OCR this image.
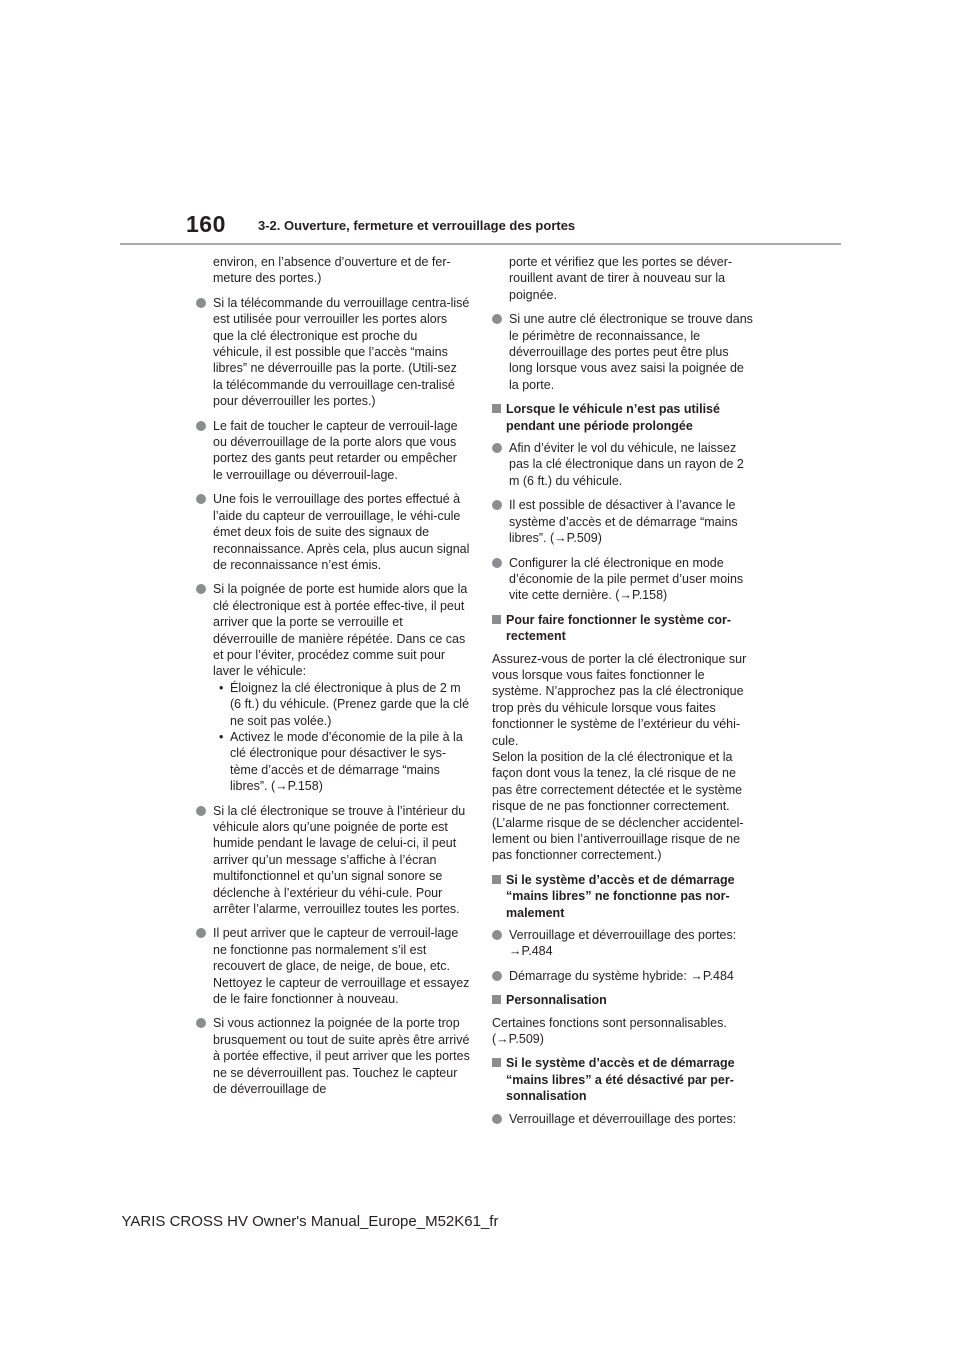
160 3-2. Ouverture, fermeture et verrouillage des portes
environ, en l’absence d’ouverture et de fer-meture des portes.)
Si la télécommande du verrouillage centra-lisé est utilisée pour verrouiller les portes alors que la clé électronique est proche du véhicule, il est possible que l’accès “mains libres” ne déverrouille pas la porte. (Utili-sez la télécommande du verrouillage cen-tralisé pour déverrouiller les portes.)
Le fait de toucher le capteur de verrouil-lage ou déverrouillage de la porte alors que vous portez des gants peut retarder ou empêcher le verrouillage ou déverrouil-lage.
Une fois le verrouillage des portes effectué à l’aide du capteur de verrouillage, le véhi-cule émet deux fois de suite des signaux de reconnaissance. Après cela, plus aucun signal de reconnaissance n’est émis.
Si la poignée de porte est humide alors que la clé électronique est à portée effec-tive, il peut arriver que la porte se verrouille et déverrouille de manière répétée. Dans ce cas et pour l’éviter, procédez comme suit pour laver le véhicule:
• Éloignez la clé électronique à plus de 2 m (6 ft.) du véhicule. (Prenez garde que la clé ne soit pas volée.)
• Activez le mode d’économie de la pile à la clé électronique pour désactiver le sys-tème d’accès et de démarrage “mains libres”. (→P.158)
Si la clé électronique se trouve à l’intérieur du véhicule alors qu’une poignée de porte est humide pendant le lavage de celui-ci, il peut arriver qu’un message s’affiche à l’écran multifonctionnel et qu’un signal sonore se déclenche à l’extérieur du véhi-cule. Pour arrêter l’alarme, verrouillez toutes les portes.
Il peut arriver que le capteur de verrouil-lage ne fonctionne pas normalement s’il est recouvert de glace, de neige, de boue, etc. Nettoyez le capteur de verrouillage et essayez de le faire fonctionner à nouveau.
Si vous actionnez la poignée de la porte trop brusquement ou tout de suite après être arrivé à portée effective, il peut arriver que les portes ne se déverrouillent pas. Touchez le capteur de déverrouillage de
porte et vérifiez que les portes se déver-rouillent avant de tirer à nouveau sur la poignée.
Si une autre clé électronique se trouve dans le périmètre de reconnaissance, le déverrouillage des portes peut être plus long lorsque vous avez saisi la poignée de la porte.
Lorsque le véhicule n’est pas utilisé pendant une période prolongée
Afin d’éviter le vol du véhicule, ne laissez pas la clé électronique dans un rayon de 2 m (6 ft.) du véhicule.
Il est possible de désactiver à l’avance le système d’accès et de démarrage “mains libres”. (→P.509)
Configurer la clé électronique en mode d’économie de la pile permet d’user moins vite cette dernière. (→P.158)
Pour faire fonctionner le système cor-rectement
Assurez-vous de porter la clé électronique sur vous lorsque vous faites fonctionner le système. N’approchez pas la clé électronique trop près du véhicule lorsque vous faites fonctionner le système de l’extérieur du véhi-cule.
Selon la position de la clé électronique et la façon dont vous la tenez, la clé risque de ne pas être correctement détectée et le système risque de ne pas fonctionner correctement. (L’alarme risque de se déclencher accidentel-lement ou bien l’antiverrouillage risque de ne pas fonctionner correctement.)
Si le système d’accès et de démarrage “mains libres” ne fonctionne pas nor-malement
Verrouillage et déverrouillage des portes: →P.484
Démarrage du système hybride: →P.484
Personnalisation
Certaines fonctions sont personnalisables. (→P.509)
Si le système d’accès et de démarrage “mains libres” a été désactivé par per-sonnalisation
Verrouillage et déverrouillage des portes:
YARIS CROSS HV Owner's Manual_Europe_M52K61_fr
